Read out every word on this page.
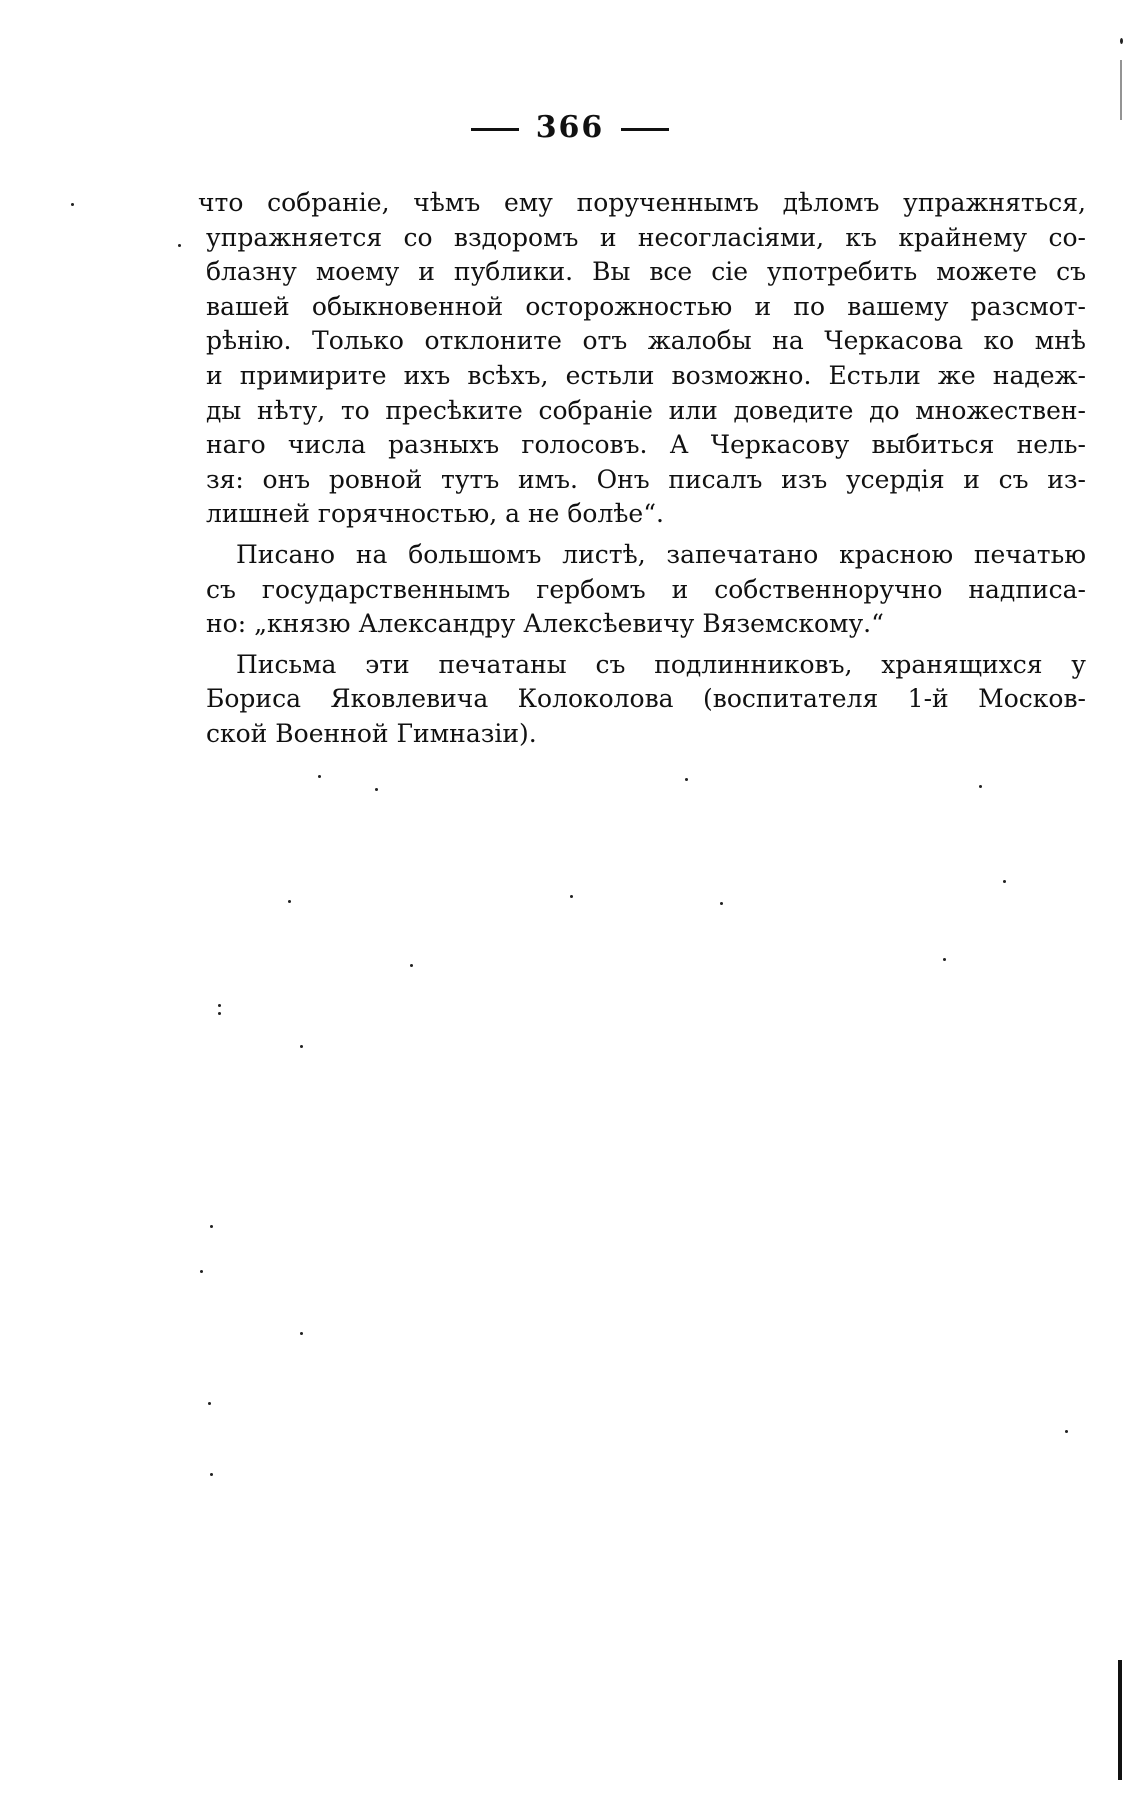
366
что собраніе, чѣмъ ему порученнымъ дѣломъ упражняться,
упражняется со вздоромъ и несогласіями, къ крайнему со-
блазну моему и публики. Вы все сіе употребить можете съ
вашей обыкновенной осторожностью и по вашему разсмот-
рѣнію. Только отклоните отъ жалобы на Черкасова ко мнѣ
и примирите ихъ всѣхъ, естьли возможно. Естьли же надеж-
ды нѣту, то пресѣките собраніе или доведите до множествен-
наго числа разныхъ голосовъ. А Черкасову выбиться нель-
зя: онъ ровной тутъ имъ. Онъ писалъ изъ усердія и съ из-
лишней горячностью, а не болѣе“.
Писано на большомъ листѣ, запечатано красною печатью
съ государственнымъ гербомъ и собственноручно надписа-
но: „князю Александру Алексѣевичу Вяземскому.“
Письма эти печатаны съ подлинниковъ, хранящихся у
Бориса Яковлевича Колоколова (воспитателя 1-й Москов-
ской Военной Гимназіи).
